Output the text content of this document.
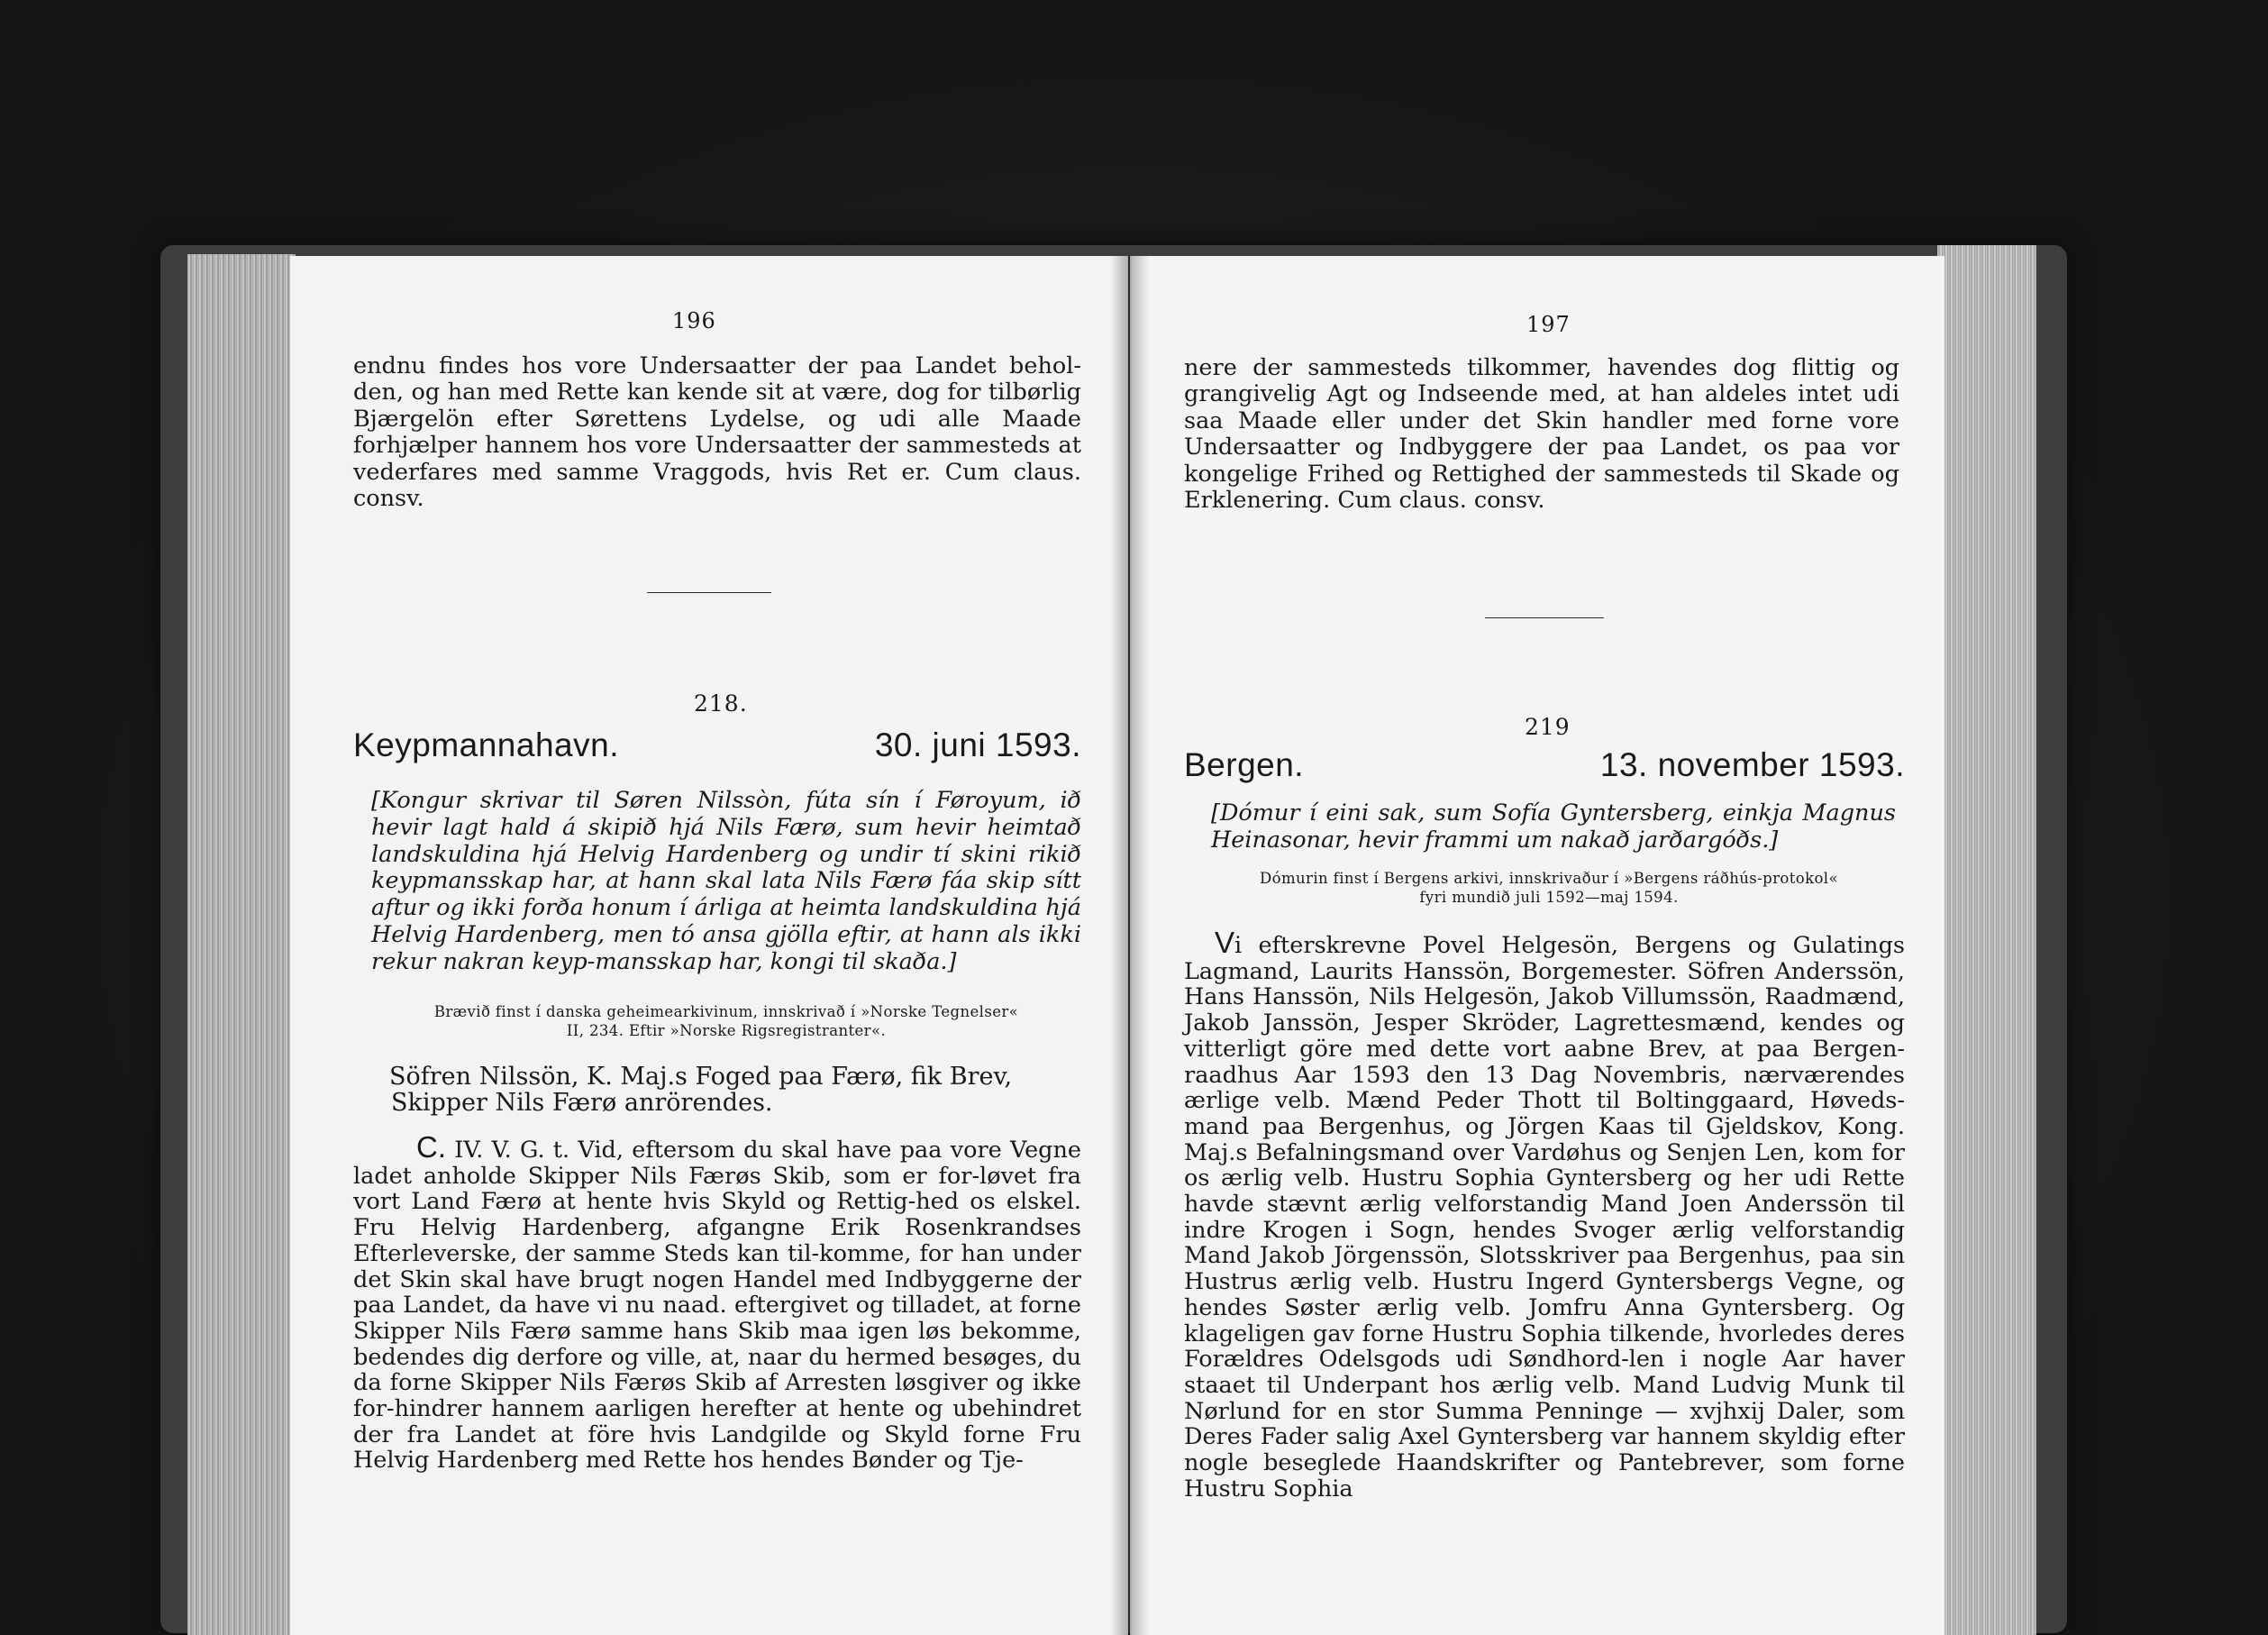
196

endnu findes hos vore Undersaatter der paa Landet behol-den, og han med Rette kan kende sit at være, dog for tilbørlig Bjærgelön efter Sørettens Lydelse, og udi alle Maade forhjælper hannem hos vore Undersaatter der sammesteds at vederfares med samme Vraggods, hvis Ret er. Cum claus. consv.

218.
Keypmannahavn.	30. juni 1593.
[Kongur skrivar til Søren Nilssòn, fúta sín í Føroyum, ið hevir lagt hald á skipið hjá Nils Færø, sum hevir heimtað landskuldina hjá Helvig Hardenberg og undir tí skini rikið keypmansskap har, at hann skal lata Nils Færø fáa skip sítt aftur og ikki forða honum í árliga at heimta landskuldina hjá Helvig Hardenberg, men tó ansa gjölla eftir, at hann als ikki rekur nakran keyp-mansskap har, kongi til skaða.]
Brævið finst í danska geheimearkivinum, innskrivað í »Norske Tegnelser«
II, 234. Eftir »Norske Rigsregistranter«.
Söfren Nilssön, K. Maj.s Foged paa Færø, fik Brev,
Skipper Nils Færø anrörendes.
C. IV. V. G. t. Vid, eftersom du skal have paa vore Vegne ladet anholde Skipper Nils Færøs Skib, som er for-løvet fra vort Land Færø at hente hvis Skyld og Rettig-hed os elskel. Fru Helvig Hardenberg, afgangne Erik Rosenkrandses Efterleverske, der samme Steds kan til-komme, for han under det Skin skal have brugt nogen Handel med Indbyggerne der paa Landet, da have vi nu naad. eftergivet og tilladet, at forne Skipper Nils Færø samme hans Skib maa igen løs bekomme, bedendes dig derfore og ville, at, naar du hermed besøges, du da forne Skipper Nils Færøs Skib af Arresten løsgiver og ikke for-hindrer hannem aarligen herefter at hente og ubehindret der fra Landet at före hvis Landgilde og Skyld forne Fru Helvig Hardenberg med Rette hos hendes Bønder og Tje-
197

nere der sammesteds tilkommer, havendes dog flittig og grangivelig Agt og Indseende med, at han aldeles intet udi saa Maade eller under det Skin handler med forne vore Undersaatter og Indbyggere der paa Landet, os paa vor kongelige Frihed og Rettighed der sammesteds til Skade og Erklenering. Cum claus. consv.

219
Bergen.	13. november 1593.
[Dómur í eini sak, sum Sofía Gyntersberg, einkja Magnus Heinasonar, hevir frammi um nakað jarðargóðs.]
Dómurin finst í Bergens arkivi, innskrivaður í »Bergens ráðhús-protokol«
fyri mundið juli 1592—maj 1594.
Vi efterskrevne Povel Helgesön, Bergens og Gulatings Lagmand, Laurits Hanssön, Borgemester. Söfren Anderssön, Hans Hanssön, Nils Helgesön, Jakob Villumssön, Raadmænd, Jakob Janssön, Jesper Skröder, Lagrettesmænd, kendes og vitterligt göre med dette vort aabne Brev, at paa Bergen-raadhus Aar 1593 den 13 Dag Novembris, nærværendes ærlige velb. Mænd Peder Thott til Boltinggaard, Høveds-mand paa Bergenhus, og Jörgen Kaas til Gjeldskov, Kong. Maj.s Befalningsmand over Vardøhus og Senjen Len, kom for os ærlig velb. Hustru Sophia Gyntersberg og her udi Rette havde stævnt ærlig velforstandig Mand Joen Anderssön til indre Krogen i Sogn, hendes Svoger ærlig velforstandig Mand Jakob Jörgenssön, Slotsskriver paa Bergenhus, paa sin Hustrus ærlig velb. Hustru Ingerd Gyntersbergs Vegne, og hendes Søster ærlig velb. Jomfru Anna Gyntersberg. Og klageligen gav forne Hustru Sophia tilkende, hvorledes deres Forældres Odelsgods udi Søndhord-len i nogle Aar haver staaet til Underpant hos ærlig velb. Mand Ludvig Munk til Nørlund for en stor Summa Penninge — xvjhxij Daler, som Deres Fader salig Axel Gyntersberg var hannem skyldig efter nogle beseglede Haandskrifter og Pantebrever, som forne Hustru Sophia
